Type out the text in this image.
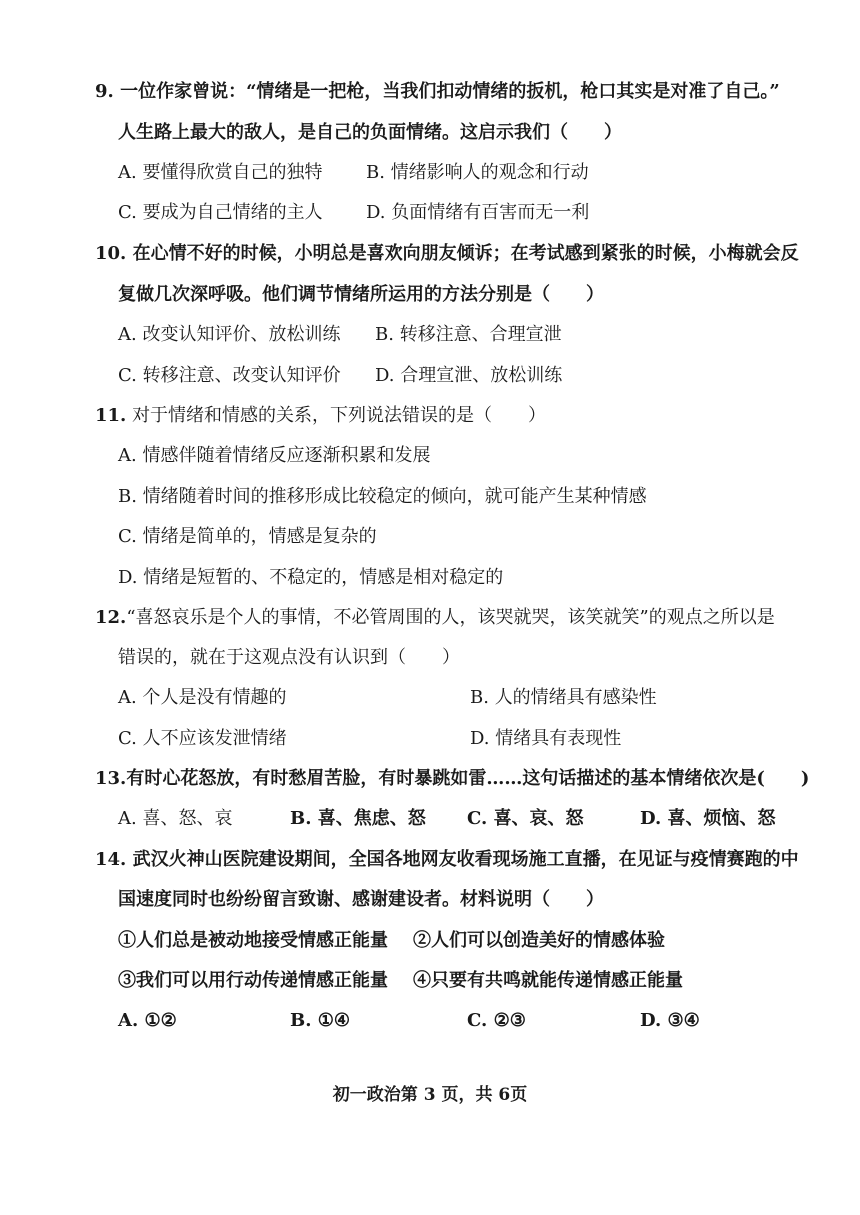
9. 一位作家曾说：“情绪是一把枪，当我们扣动情绪的扳机，枪口其实是对准了自己。”
人生路上最大的敌人，是自己的负面情绪。这启示我们（　　）
A. 要懂得欣赏自己的独特 B. 情绪影响人的观念和行动
C. 要成为自己情绪的主人 D. 负面情绪有百害而无一利
10. 在心情不好的时候，小明总是喜欢向朋友倾诉；在考试感到紧张的时候，小梅就会反
复做几次深呼吸。他们调节情绪所运用的方法分别是（　　）
A. 改变认知评价、放松训练 B. 转移注意、合理宣泄
C. 转移注意、改变认知评价 D. 合理宣泄、放松训练
11. 对于情绪和情感的关系，下列说法错误的是（　　）
A. 情感伴随着情绪反应逐渐积累和发展
B. 情绪随着时间的推移形成比较稳定的倾向，就可能产生某种情感
C. 情绪是简单的，情感是复杂的
D. 情绪是短暂的、不稳定的，情感是相对稳定的
12.“喜怒哀乐是个人的事情，不必管周围的人，该哭就哭，该笑就笑”的观点之所以是
错误的，就在于这观点没有认识到（　　）
A. 个人是没有情趣的	B. 人的情绪具有感染性
C. 人不应该发泄情绪	D. 情绪具有表现性
13.有时心花怒放，有时愁眉苦脸，有时暴跳如雷……这句话描述的基本情绪依次是(　　)
A. 喜、怒、哀	B. 喜、焦虑、怒 C. 喜、哀、怒	D. 喜、烦恼、怒
14. 武汉火神山医院建设期间，全国各地网友收看现场施工直播，在见证与疫情赛跑的中
国速度同时也纷纷留言致谢、感谢建设者。材料说明（　　）
①人们总是被动地接受情感正能量 ②人们可以创造美好的情感体验
③我们可以用行动传递情感正能量 ④只要有共鸣就能传递情感正能量
A. ①②	B. ①④	C. ②③	D. ③④
初一政治第 3 页，共 6页
